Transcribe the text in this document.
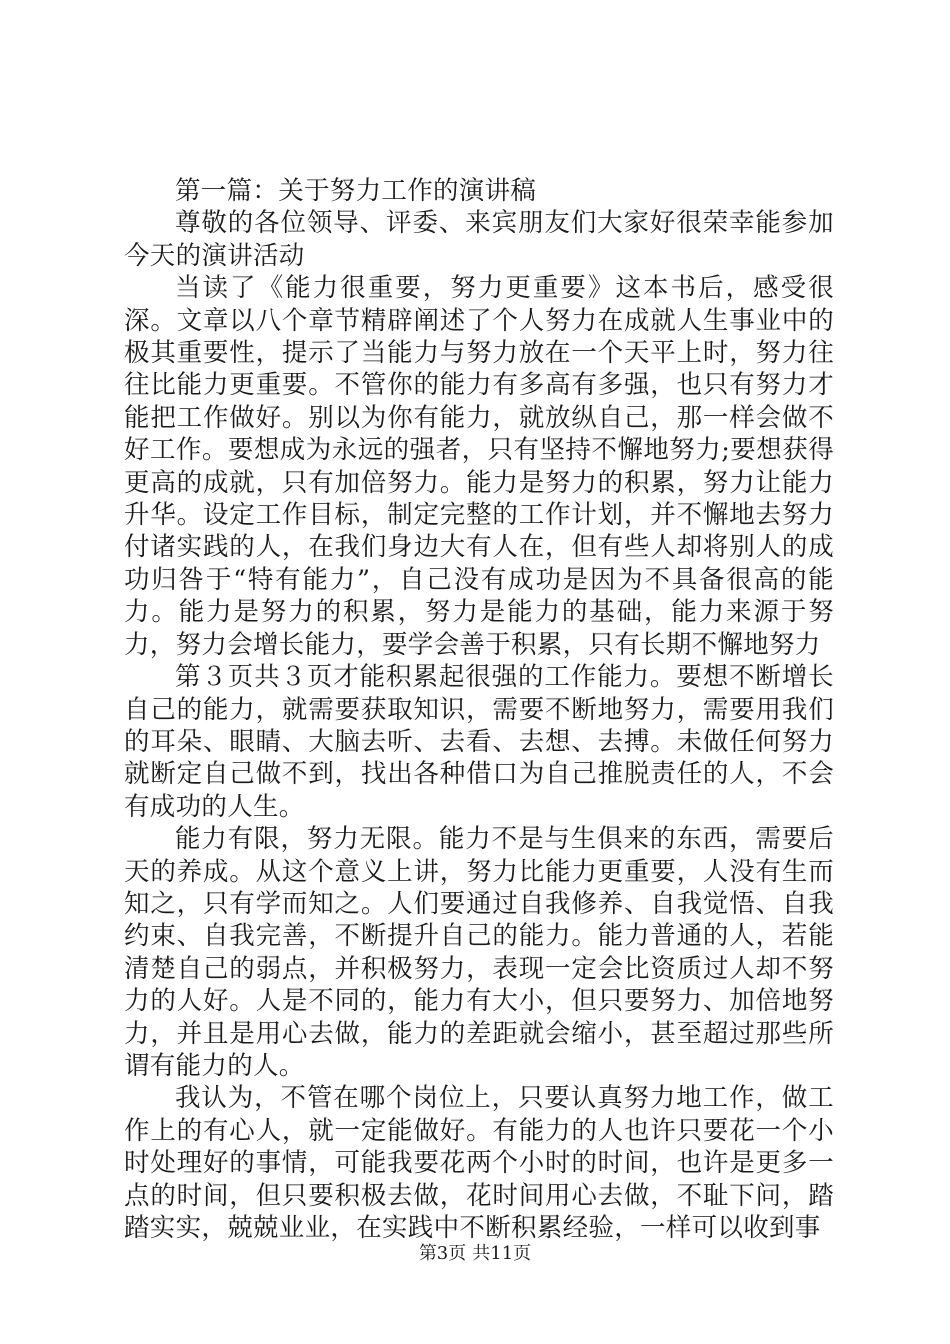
第一篇：关于努力工作的演讲稿

尊敬的各位领导、评委、来宾朋友们大家好很荣幸能参加今天的演讲活动

当读了《能力很重要，努力更重要》这本书后，感受很深。文章以八个章节精辟阐述了个人努力在成就人生事业中的极其重要性，提示了当能力与努力放在一个天平上时，努力往往比能力更重要。不管你的能力有多高有多强，也只有努力才能把工作做好。别以为你有能力，就放纵自己，那一样会做不好工作。要想成为永远的强者，只有坚持不懈地努力;要想获得更高的成就，只有加倍努力。能力是努力的积累，努力让能力升华。设定工作目标，制定完整的工作计划，并不懈地去努力付诸实践的人，在我们身边大有人在，但有些人却将别人的成功归咎于“特有能力”，自己没有成功是因为不具备很高的能力。能力是努力的积累，努力是能力的基础，能力来源于努力，努力会增长能力，要学会善于积累，只有长期不懈地努力

第３页共３页才能积累起很强的工作能力。要想不断增长自己的能力，就需要获取知识，需要不断地努力，需要用我们的耳朵、眼睛、大脑去听、去看、去想、去搏。未做任何努力就断定自己做不到，找出各种借口为自己推脱责任的人，不会有成功的人生。

能力有限，努力无限。能力不是与生俱来的东西，需要后天的养成。从这个意义上讲，努力比能力更重要，人没有生而知之，只有学而知之。人们要通过自我修养、自我觉悟、自我约束、自我完善，不断提升自己的能力。能力普通的人，若能清楚自己的弱点，并积极努力，表现一定会比资质过人却不努力的人好。人是不同的，能力有大小，但只要努力、加倍地努力，并且是用心去做，能力的差距就会缩小，甚至超过那些所谓有能力的人。

我认为，不管在哪个岗位上，只要认真努力地工作，做工作上的有心人，就一定能做好。有能力的人也许只要花一个小时处理好的事情，可能我要花两个小时的时间，也许是更多一点的时间，但只要积极去做，花时间用心去做，不耻下问，踏踏实实，兢兢业业，在实践中不断积累经验，一样可以收到事

第3页 共11页
